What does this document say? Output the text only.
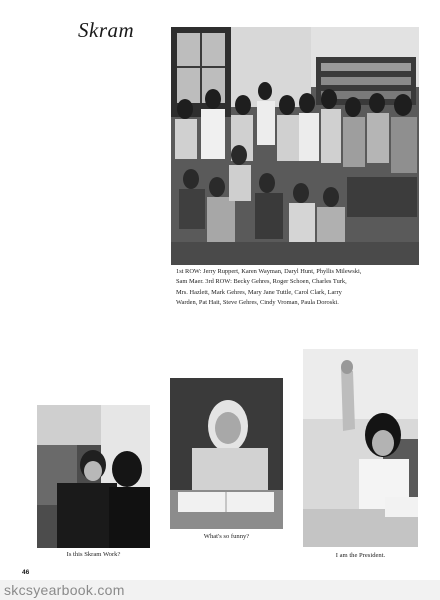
Skram
1st ROW: Jerry Ruppert, Karen Wayman, Daryl Hunt, Phyllis Milewski,
Sam Maer. 3rd ROW: Becky Gehres, Roger Schoen, Charles Turk,
Mrs. Hazlett, Mark Gehres, Mary Jane Tuttle, Carol Clark, Larry
Warden, Pat Hait, Steve Gehres, Cindy Vroman, Paula Doroski.
Is this Skram Work?
What's so funny?
I am the President.
46
skcsyearbook.com
